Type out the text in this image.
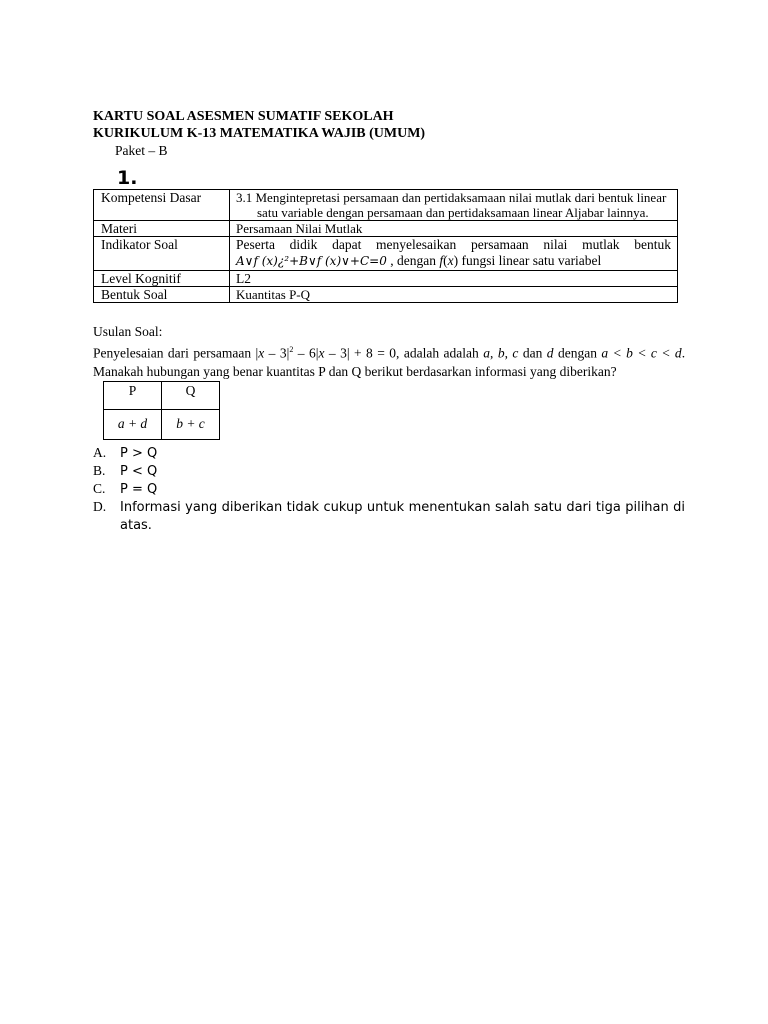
KARTU SOAL ASESMEN SUMATIF SEKOLAH

KURIKULUM K-13 MATEMATIKA WAJIB (UMUM)

Paket – B

1.
Kompetensi Dasar	3.1 Mengintepretasi persamaan dan pertidaksamaan nilai mutlak dari bentuk linear satu variable dengan persamaan dan pertidaksamaan linear Aljabar lainnya.

Materi	Persamaan Nilai Mutlak
Indikator Soal	Peserta didik dapat menyelesaikan persamaan nilai mutlak bentuk
A∨f (x)¿²+B∨f (x)∨+C=0 , dengan f(x) fungsi linear satu variabel

Level Kognitif	L2
Bentuk Soal	Kuantitas P-Q
Usulan Soal:

Penyelesaian dari persamaan $|x - 3|^2 - 6|x - 3| + 8 = 0$, adalah adalah a, b, c dan d dengan a < b < c < d. Manakah hubungan yang benar kuantitas P dan Q berikut berdasarkan informasi yang diberikan?

P	Q
a + d	b + c
A. P > Q
B. P < Q
C. P = Q
D. Informasi yang diberikan tidak cukup untuk menentukan salah satu dari tiga pilihan di atas.
